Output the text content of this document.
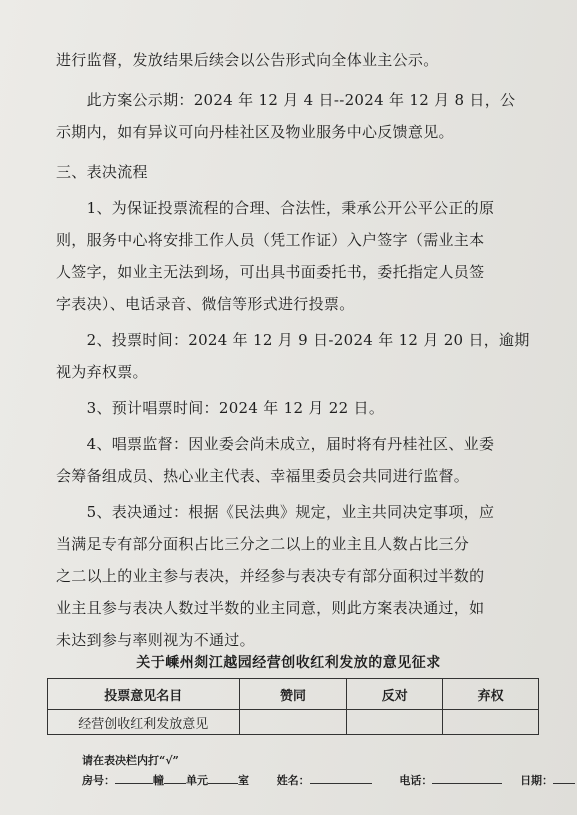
进行监督，发放结果后续会以公告形式向全体业主公示。
　　此方案公示期：2024 年 12 月 4 日--2024 年 12 月 8 日，公
示期内，如有异议可向丹桂社区及物业服务中心反馈意见。
三、表决流程
　　1、为保证投票流程的合理、合法性，秉承公开公平公正的原
则，服务中心将安排工作人员（凭工作证）入户签字（需业主本
人签字，如业主无法到场，可出具书面委托书，委托指定人员签
字表决）、电话录音、微信等形式进行投票。
　　2、投票时间：2024 年 12 月 9 日-2024 年 12 月 20 日，逾期
视为弃权票。
　　3、预计唱票时间：2024 年 12 月 22 日。
　　4、唱票监督：因业委会尚未成立，届时将有丹桂社区、业委
会筹备组成员、热心业主代表、幸福里委员会共同进行监督。
　　5、表决通过：根据《民法典》规定，业主共同决定事项，应
当满足专有部分面积占比三分之二以上的业主且人数占比三分
之二以上的业主参与表决，并经参与表决专有部分面积过半数的
业主且参与表决人数过半数的业主同意，则此方案表决通过，如
未达到参与率则视为不通过。
关于嵊州剡江越园经营创收红利发放的意见征求
投票意见名目	赞同	反对	弃权
经营创收红利发放意见			
请在表决栏内打“√”
房号：	幢 单元	室	姓名：	电话：	日期：
